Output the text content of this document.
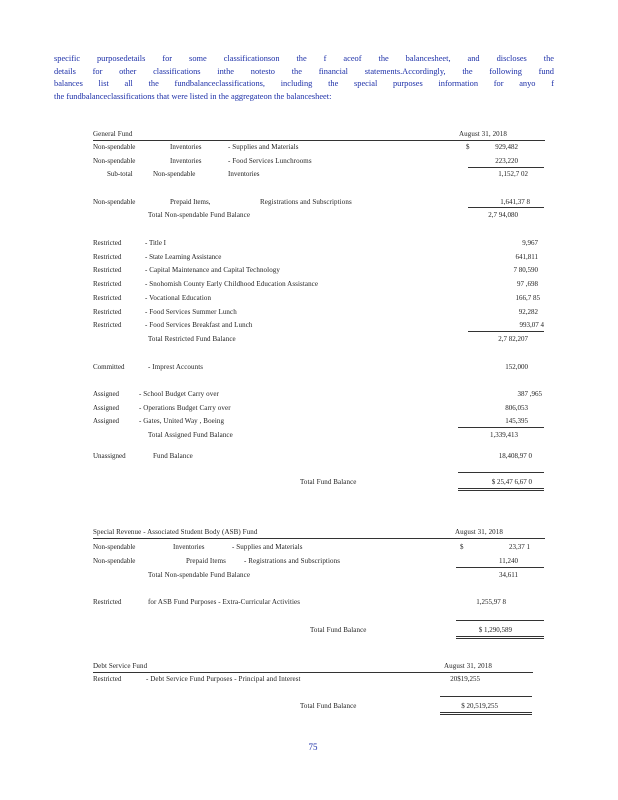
specific purposedetails for some classificationson the f aceof the balancesheet, and discloses the
details for other classifications inthe notesto the financial statements.Accordingly, the following fund
balances list all the fundbalanceclassifications, including the special purposes information for anyo f
the fundbalanceclassifications that were listed in the aggregateon the balancesheet:
General Fund	August 31, 2018
Non-spendable	Inventories	- Supplies and Materials	$	929,482
Non-spendable	Inventories	- Food Services Lunchrooms	223,220
Sub-total	Non-spendable	Inventories	1,152,7 02
Non-spendable	Prepaid Items,	Registrations and Subscriptions	1,641,37 8
Total Non-spendable Fund Balance	2,7 94,080
Restricted	- Title I	9,967
Restricted	- State Learning Assistance	641,811
Restricted	- Capital Maintenance and Capital Technology	7 80,590
Restricted	- Snohomish County Early Childhood Education Assistance	97 ,698
Restricted	- Vocational Education	166,7 85
Restricted	- Food Services Summer Lunch	92,282
Restricted	- Food Services Breakfast and Lunch	993,07 4
Total Restricted Fund Balance	2,7 82,207
Committed	- Imprest Accounts	152,000
Assigned	- School Budget Carry over	387 ,965
Assigned	- Operations Budget Carry over	806,053
Assigned	- Gates, United Way , Boeing	145,395
Total Assigned Fund Balance	1,339,413
Unassigned	Fund Balance	18,408,97 0
Total Fund Balance	$ 25,47 6,67 0
Special Revenue - Associated Student Body (ASB) Fund	August 31, 2018
Non-spendable	Inventories	- Supplies and Materials	$	23,37 1
Non-spendable	Prepaid Items	- Registrations and Subscriptions	11,240
Total Non-spendable Fund Balance	34,611
Restricted	for ASB Fund Purposes - Extra-Curricular Activities	1,255,97 8
Total Fund Balance	$ 1,290,589
Debt Service Fund	August 31, 2018
Restricted	- Debt Service Fund Purposes - Principal and Interest	20$19,255
Total Fund Balance	$ 20,519,255
75
